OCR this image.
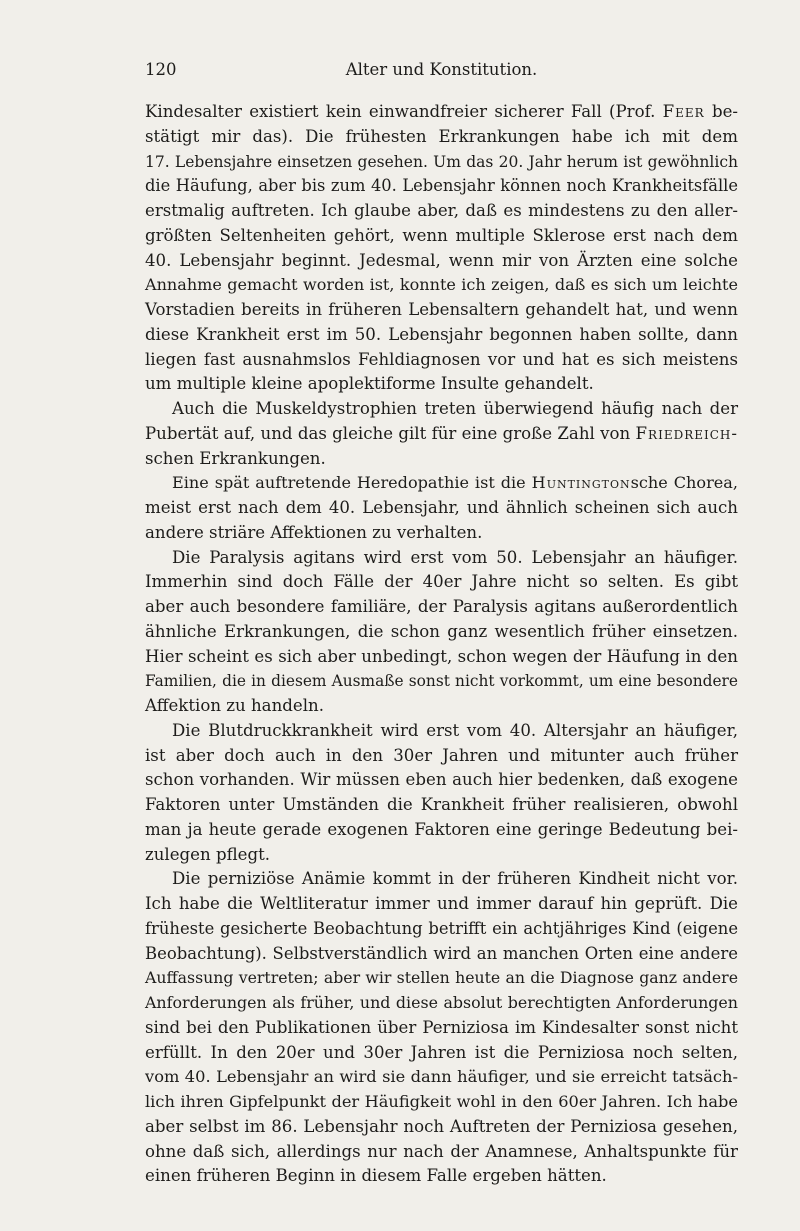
120	Alter und Konstitution.
Kindesalter existiert kein einwandfreier sicherer Fall (Prof. Feer be-
stätigt mir das). Die frühesten Erkrankungen habe ich mit dem
17. Lebensjahre einsetzen gesehen. Um das 20. Jahr herum ist gewöhnlich
die Häufung, aber bis zum 40. Lebensjahr können noch Krankheitsfälle
erstmalig auftreten. Ich glaube aber, daß es mindestens zu den aller-
größten Seltenheiten gehört, wenn multiple Sklerose erst nach dem
40. Lebensjahr beginnt. Jedesmal, wenn mir von Ärzten eine solche
Annahme gemacht worden ist, konnte ich zeigen, daß es sich um leichte
Vorstadien bereits in früheren Lebensaltern gehandelt hat, und wenn
diese Krankheit erst im 50. Lebensjahr begonnen haben sollte, dann
liegen fast ausnahmslos Fehldiagnosen vor und hat es sich meistens
um multiple kleine apoplektiforme Insulte gehandelt.
Auch die Muskeldystrophien treten überwiegend häufig nach der
Pubertät auf, und das gleiche gilt für eine große Zahl von Friedreich-
schen Erkrankungen.
Eine spät auftretende Heredopathie ist die Huntingtonsche Chorea,
meist erst nach dem 40. Lebensjahr, und ähnlich scheinen sich auch
andere striäre Affektionen zu verhalten.
Die Paralysis agitans wird erst vom 50. Lebensjahr an häufiger.
Immerhin sind doch Fälle der 40er Jahre nicht so selten. Es gibt
aber auch besondere familiäre, der Paralysis agitans außerordentlich
ähnliche Erkrankungen, die schon ganz wesentlich früher einsetzen.
Hier scheint es sich aber unbedingt, schon wegen der Häufung in den
Familien, die in diesem Ausmaße sonst nicht vorkommt, um eine besondere
Affektion zu handeln.
Die Blutdruckkrankheit wird erst vom 40. Altersjahr an häufiger,
ist aber doch auch in den 30er Jahren und mitunter auch früher
schon vorhanden. Wir müssen eben auch hier bedenken, daß exogene
Faktoren unter Umständen die Krankheit früher realisieren, obwohl
man ja heute gerade exogenen Faktoren eine geringe Bedeutung bei-
zulegen pflegt.
Die perniziöse Anämie kommt in der früheren Kindheit nicht vor.
Ich habe die Weltliteratur immer und immer darauf hin geprüft. Die
früheste gesicherte Beobachtung betrifft ein achtjähriges Kind (eigene
Beobachtung). Selbstverständlich wird an manchen Orten eine andere
Auffassung vertreten; aber wir stellen heute an die Diagnose ganz andere
Anforderungen als früher, und diese absolut berechtigten Anforderungen
sind bei den Publikationen über Perniziosa im Kindesalter sonst nicht
erfüllt. In den 20er und 30er Jahren ist die Perniziosa noch selten,
vom 40. Lebensjahr an wird sie dann häufiger, und sie erreicht tatsäch-
lich ihren Gipfelpunkt der Häufigkeit wohl in den 60er Jahren. Ich habe
aber selbst im 86. Lebensjahr noch Auftreten der Perniziosa gesehen,
ohne daß sich, allerdings nur nach der Anamnese, Anhaltspunkte für
einen früheren Beginn in diesem Falle ergeben hätten.
